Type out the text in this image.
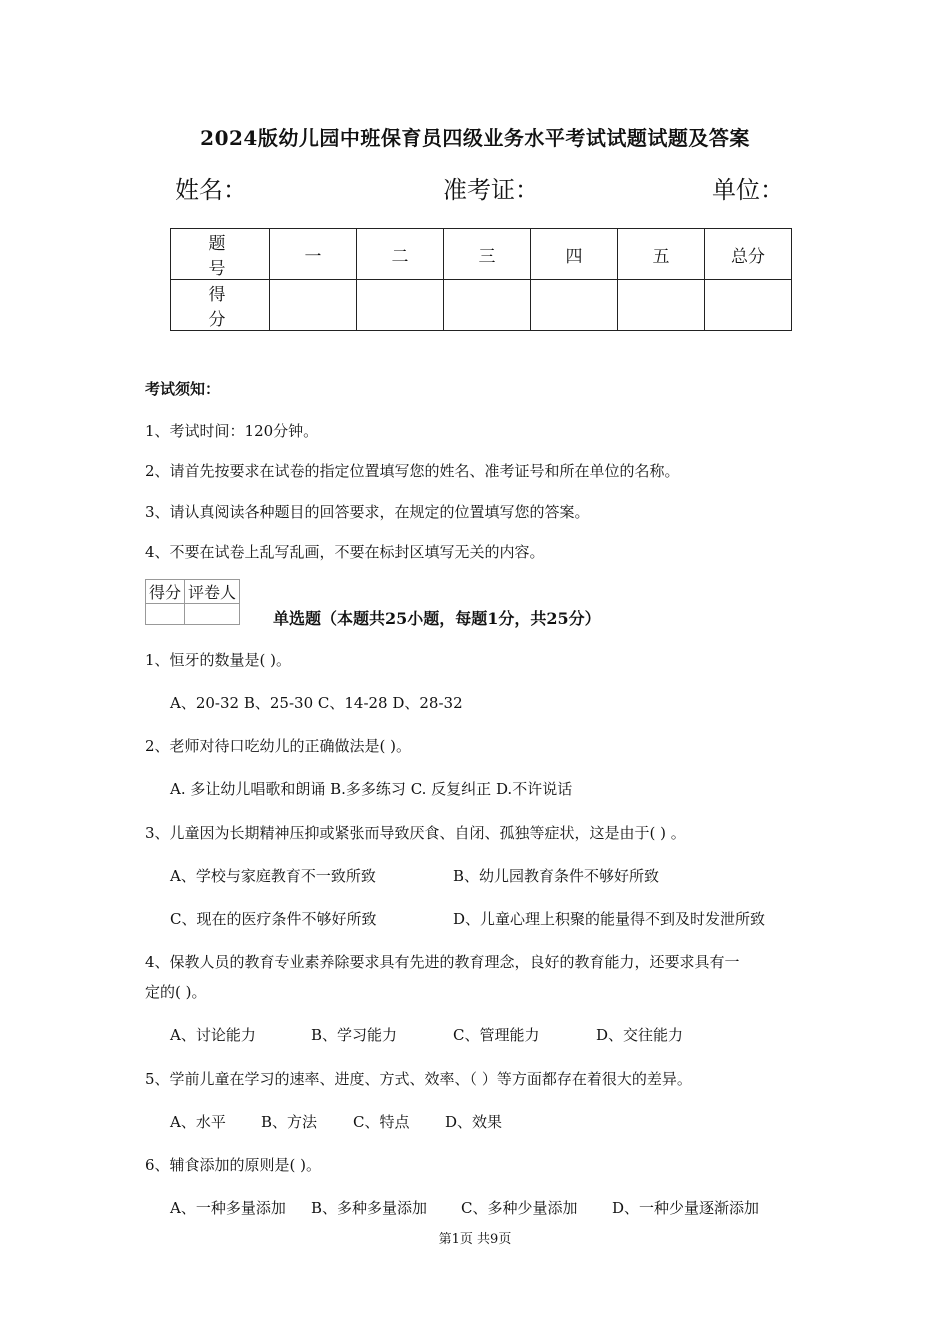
2024版幼儿园中班保育员四级业务水平考试试题试题及答案
姓名：	准考证：	单位：
题 号	一	二	三	四	五	总分
得 分						
考试须知：
1、考试时间：120分钟。
2、请首先按要求在试卷的指定位置填写您的姓名、准考证号和所在单位的名称。
3、请认真阅读各种题目的回答要求，在规定的位置填写您的答案。
4、不要在试卷上乱写乱画，不要在标封区填写无关的内容。
得分	评卷人

单选题（本题共25小题，每题1分，共25分）
1、恒牙的数量是( )。
A、20-32 B、25-30 C、14-28 D、28-32
2、老师对待口吃幼儿的正确做法是( )。
A. 多让幼儿唱歌和朗诵 B.多多练习 C. 反复纠正 D.不许说话
3、儿童因为长期精神压抑或紧张而导致厌食、自闭、孤独等症状，这是由于( ) 。
A、学校与家庭教育不一致所致	B、幼儿园教育条件不够好所致
C、现在的医疗条件不够好所致	D、儿童心理上积聚的能量得不到及时发泄所致
4、保教人员的教育专业素养除要求具有先进的教育理念，良好的教育能力，还要求具有一
定的( )。
A、讨论能力	B、学习能力	C、管理能力	D、交往能力
5、学前儿童在学习的速率、进度、方式、效率、（ ）等方面都存在着很大的差异。
A、水平 B、方法 C、特点 D、效果
6、辅食添加的原则是( )。
A、一种多量添加 B、多种多量添加 C、多种少量添加 D、一种少量逐渐添加
第1页 共9页
